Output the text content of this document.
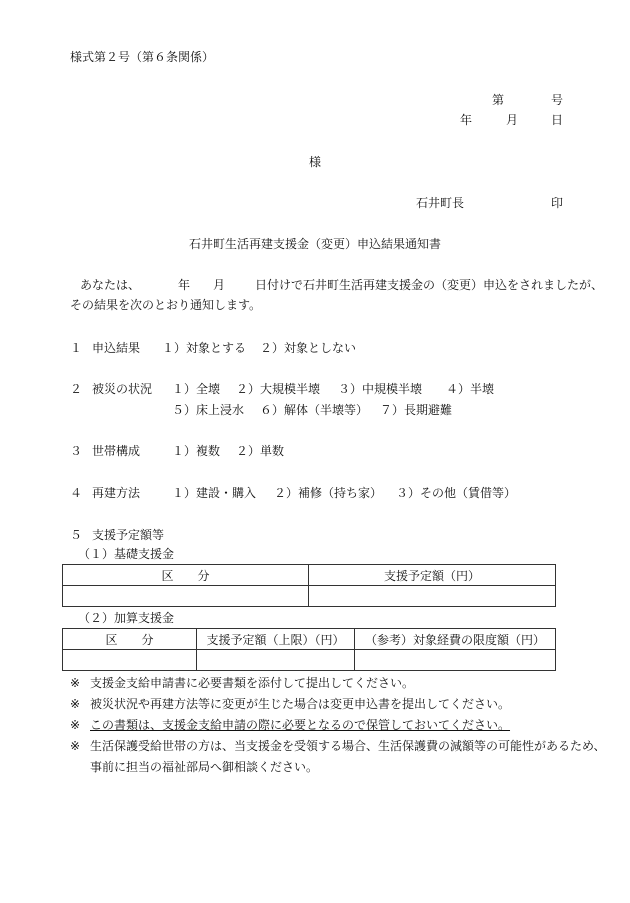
様式第２号（第６条関係）
第	号
年	月	日
様
石井町長	印
石井町生活再建支援金（変更）申込結果通知書
あなたは、	年 月 日付けで石井町生活再建支援金の（変更）申込をされましたが、
その結果を次のとおり通知します。
１ 申込結果 １）対象とする ２）対象としない
２ 被災の状況 １）全壊 ２）大規模半壊 ３）中規模半壊 ４）半壊
５）床上浸水 ６）解体（半壊等） ７）長期避難
３ 世帯構成	１）複数 ２）単数
４ 再建方法	１）建設・購入 ２）補修（持ち家） ３）その他（賃借等）
５ 支援予定額等
（１）基礎支援金
区　　分	支援予定額（円）

（２）加算支援金
区　　分	支援予定額（上限）（円）	（参考）対象経費の限度額（円）

※ 支援金支給申請書に必要書類を添付して提出してください。
※ 被災状況や再建方法等に変更が生じた場合は変更申込書を提出してください。
※ この書類は、支援金支給申請の際に必要となるので保管しておいてください。
※ 生活保護受給世帯の方は、当支援金を受領する場合、生活保護費の減額等の可能性があるため、
事前に担当の福祉部局へ御相談ください。
